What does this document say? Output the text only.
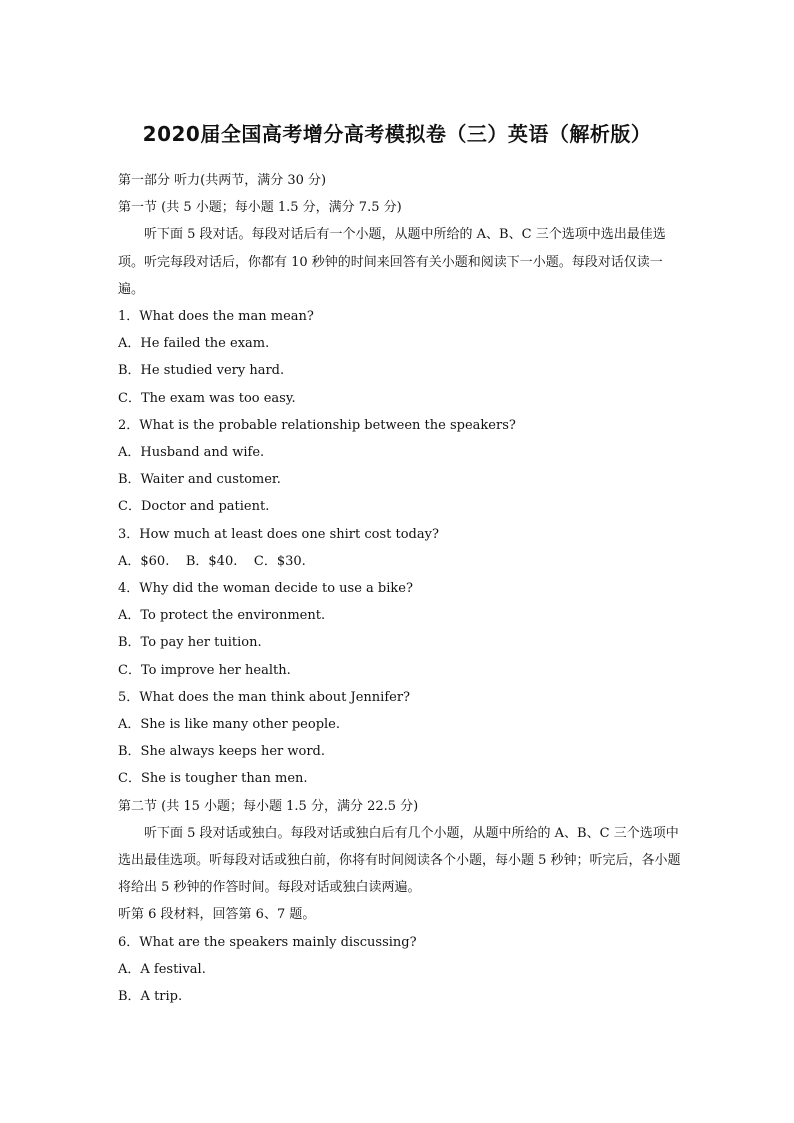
2020届全国高考增分高考模拟卷（三）英语（解析版）
第一部分 听力(共两节，满分 30 分)
第一节 (共 5 小题；每小题 1.5 分，满分 7.5 分)
听下面 5 段对话。每段对话后有一个小题，从题中所给的 A、B、C 三个选项中选出最佳选项。听完每段对话后，你都有 10 秒钟的时间来回答有关小题和阅读下一小题。每段对话仅读一遍。
1．What does the man mean?
A．He failed the exam.
B．He studied very hard.
C．The exam was too easy.
2．What is the probable relationship between the speakers?
A．Husband and wife.
B．Waiter and customer.
C．Doctor and patient.
3．How much at least does one shirt cost today?
A．$60.    B．$40.    C．$30.
4．Why did the woman decide to use a bike?
A．To protect the environment.
B．To pay her tuition.
C．To improve her health.
5．What does the man think about Jennifer?
A．She is like many other people.
B．She always keeps her word.
C．She is tougher than men.
第二节 (共 15 小题；每小题 1.5 分，满分 22.5 分)
听下面 5 段对话或独白。每段对话或独白后有几个小题，从题中所给的 A、B、C 三个选项中选出最佳选项。听每段对话或独白前，你将有时间阅读各个小题，每小题 5 秒钟；听完后，各小题将给出 5 秒钟的作答时间。每段对话或独白读两遍。
听第 6 段材料，回答第 6、7 题。
6．What are the speakers mainly discussing?
A．A festival.
B．A trip.
